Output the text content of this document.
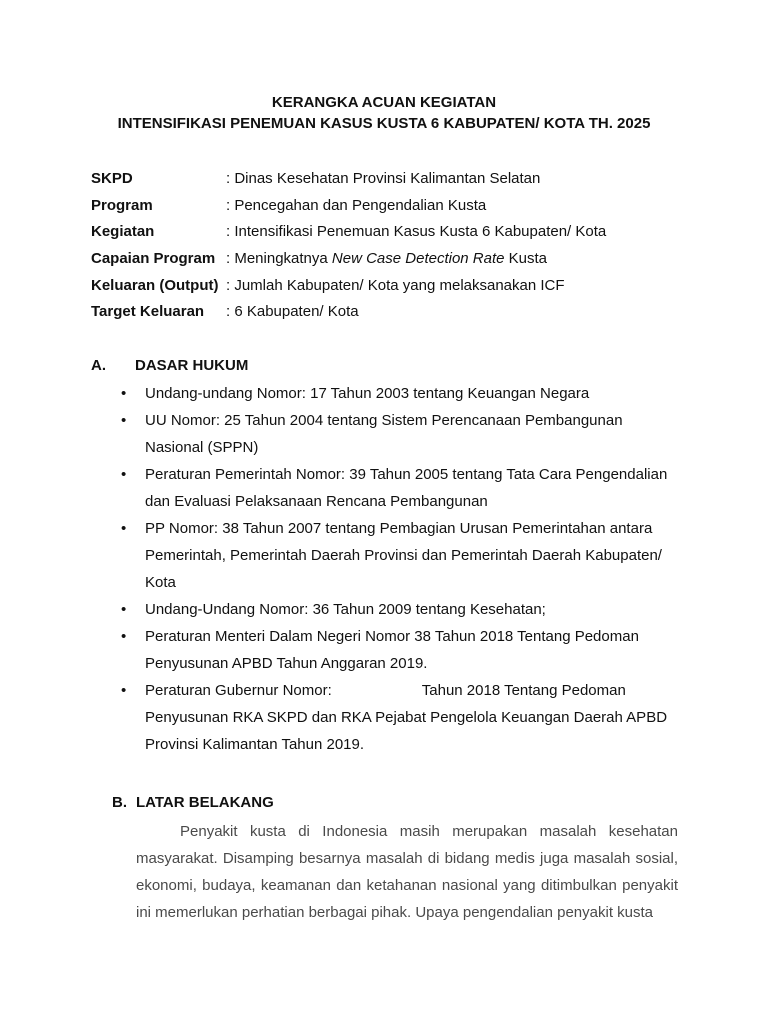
KERANGKA ACUAN KEGIATAN
INTENSIFIKASI PENEMUAN KASUS KUSTA 6 KABUPATEN/ KOTA TH. 2025
SKPD	: Dinas Kesehatan Provinsi Kalimantan Selatan
Program	: Pencegahan dan Pengendalian Kusta
Kegiatan	: Intensifikasi Penemuan Kasus Kusta 6 Kabupaten/ Kota
Capaian Program : Meningkatnya New Case Detection Rate Kusta
Keluaran (Output) : Jumlah Kabupaten/ Kota yang melaksanakan ICF
Target Keluaran : 6 Kabupaten/ Kota
A. DASAR HUKUM
• Undang-undang Nomor: 17 Tahun 2003 tentang Keuangan Negara
• UU Nomor: 25 Tahun 2004 tentang Sistem Perencanaan Pembangunan Nasional (SPPN)
• Peraturan Pemerintah Nomor: 39 Tahun 2005 tentang Tata Cara Pengendalian dan Evaluasi Pelaksanaan Rencana Pembangunan
• PP Nomor: 38 Tahun 2007 tentang Pembagian Urusan Pemerintahan antara Pemerintah, Pemerintah Daerah Provinsi dan Pemerintah Daerah Kabupaten/ Kota
• Undang-Undang Nomor: 36 Tahun 2009 tentang Kesehatan;
• Peraturan Menteri Dalam Negeri Nomor 38 Tahun 2018 Tentang Pedoman Penyusunan APBD Tahun Anggaran 2019.
• Peraturan Gubernur Nomor:	Tahun 2018 Tentang Pedoman Penyusunan RKA SKPD dan RKA Pejabat Pengelola Keuangan Daerah APBD Provinsi Kalimantan Tahun 2019.
B. LATAR BELAKANG

Penyakit kusta di Indonesia masih merupakan masalah kesehatan masyarakat. Disamping besarnya masalah di bidang medis juga masalah sosial, ekonomi, budaya, keamanan dan ketahanan nasional yang ditimbulkan penyakit ini memerlukan perhatian berbagai pihak. Upaya pengendalian penyakit kusta
